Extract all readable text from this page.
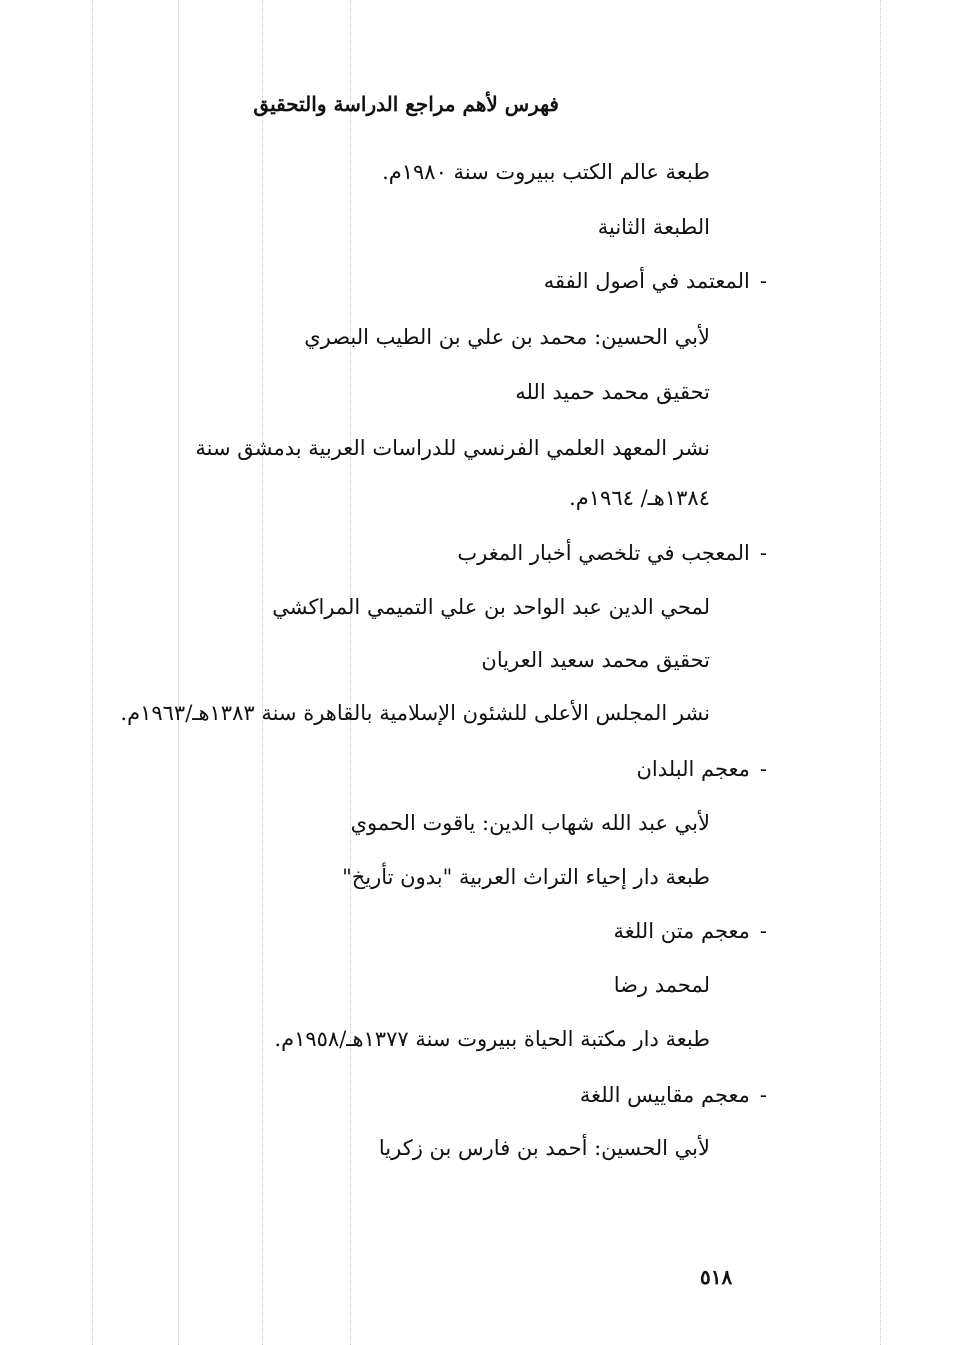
فهرس لأهم مراجع الدراسة والتحقيق
طبعة عالم الكتب ببيروت سنة ١٩٨٠م.
الطبعة الثانية
-المعتمد في أصول الفقه
لأبي الحسين: محمد بن علي بن الطيب البصري
تحقيق محمد حميد الله
نشر المعهد العلمي الفرنسي للدراسات العربية بدمشق سنة
١٣٨٤هـ/ ١٩٦٤م.
-المعجب في تلخصي أخبار المغرب
لمحي الدين عبد الواحد بن علي التميمي المراكشي
تحقيق محمد سعيد العريان
نشر المجلس الأعلى للشئون الإسلامية بالقاهرة سنة ١٣٨٣هـ/١٩٦٣م.
-معجم البلدان
لأبي عبد الله شهاب الدين: ياقوت الحموي
طبعة دار إحياء التراث العربية "بدون تأريخ"
-معجم متن اللغة
لمحمد رضا
طبعة دار مكتبة الحياة ببيروت سنة ١٣٧٧هـ/١٩٥٨م.
-معجم مقاييس اللغة
لأبي الحسين: أحمد بن فارس بن زكريا
٥١٨
